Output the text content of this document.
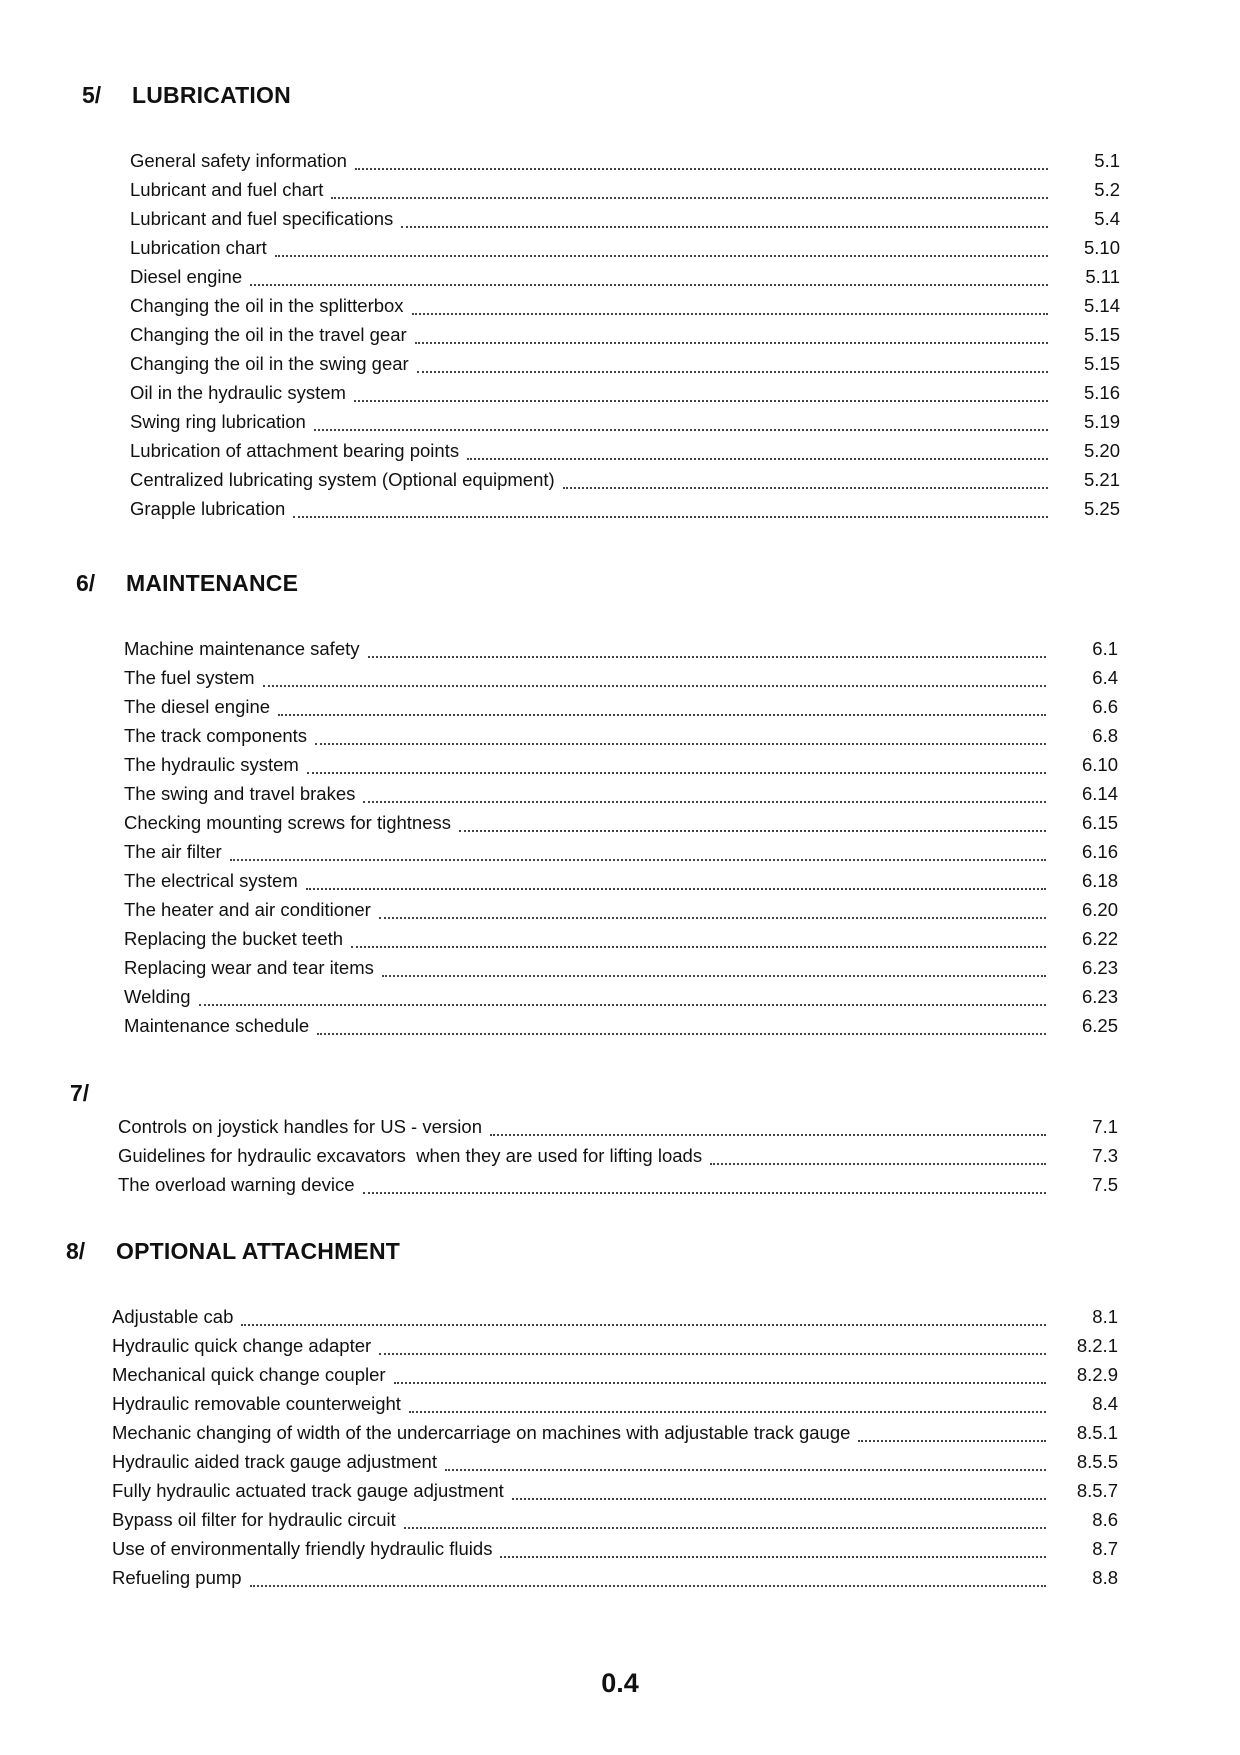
5/ LUBRICATION
General safety information	5.1
Lubricant and fuel chart	5.2
Lubricant and fuel specifications	5.4
Lubrication chart	5.10
Diesel engine	5.11
Changing the oil in the splitterbox	5.14
Changing the oil in the travel gear	5.15
Changing the oil in the swing gear	5.15
Oil in the hydraulic system	5.16
Swing ring lubrication	5.19
Lubrication of attachment bearing points	5.20
Centralized lubricating system (Optional equipment)	5.21
Grapple lubrication	5.25
6/ MAINTENANCE
Machine maintenance safety	6.1
The fuel system	6.4
The diesel engine	6.6
The track components	6.8
The hydraulic system	6.10
The swing and travel brakes	6.14
Checking mounting screws for tightness	6.15
The air filter	6.16
The electrical system	6.18
The heater and air conditioner	6.20
Replacing the bucket teeth	6.22
Replacing wear and tear items	6.23
Welding	6.23
Maintenance schedule	6.25
7/
Controls on joystick handles for US - version	7.1
Guidelines for hydraulic excavators  when they are used for lifting loads	7.3
The overload warning device	7.5
8/ OPTIONAL ATTACHMENT
Adjustable cab	8.1
Hydraulic quick change adapter	8.2.1
Mechanical quick change coupler	8.2.9
Hydraulic removable counterweight	8.4
Mechanic changing of width of the undercarriage on machines with adjustable track gauge	8.5.1
Hydraulic aided track gauge adjustment	8.5.5
Fully hydraulic actuated track gauge adjustment	8.5.7
Bypass oil filter for hydraulic circuit	8.6
Use of environmentally friendly hydraulic fluids	8.7
Refueling pump	8.8
0.4
